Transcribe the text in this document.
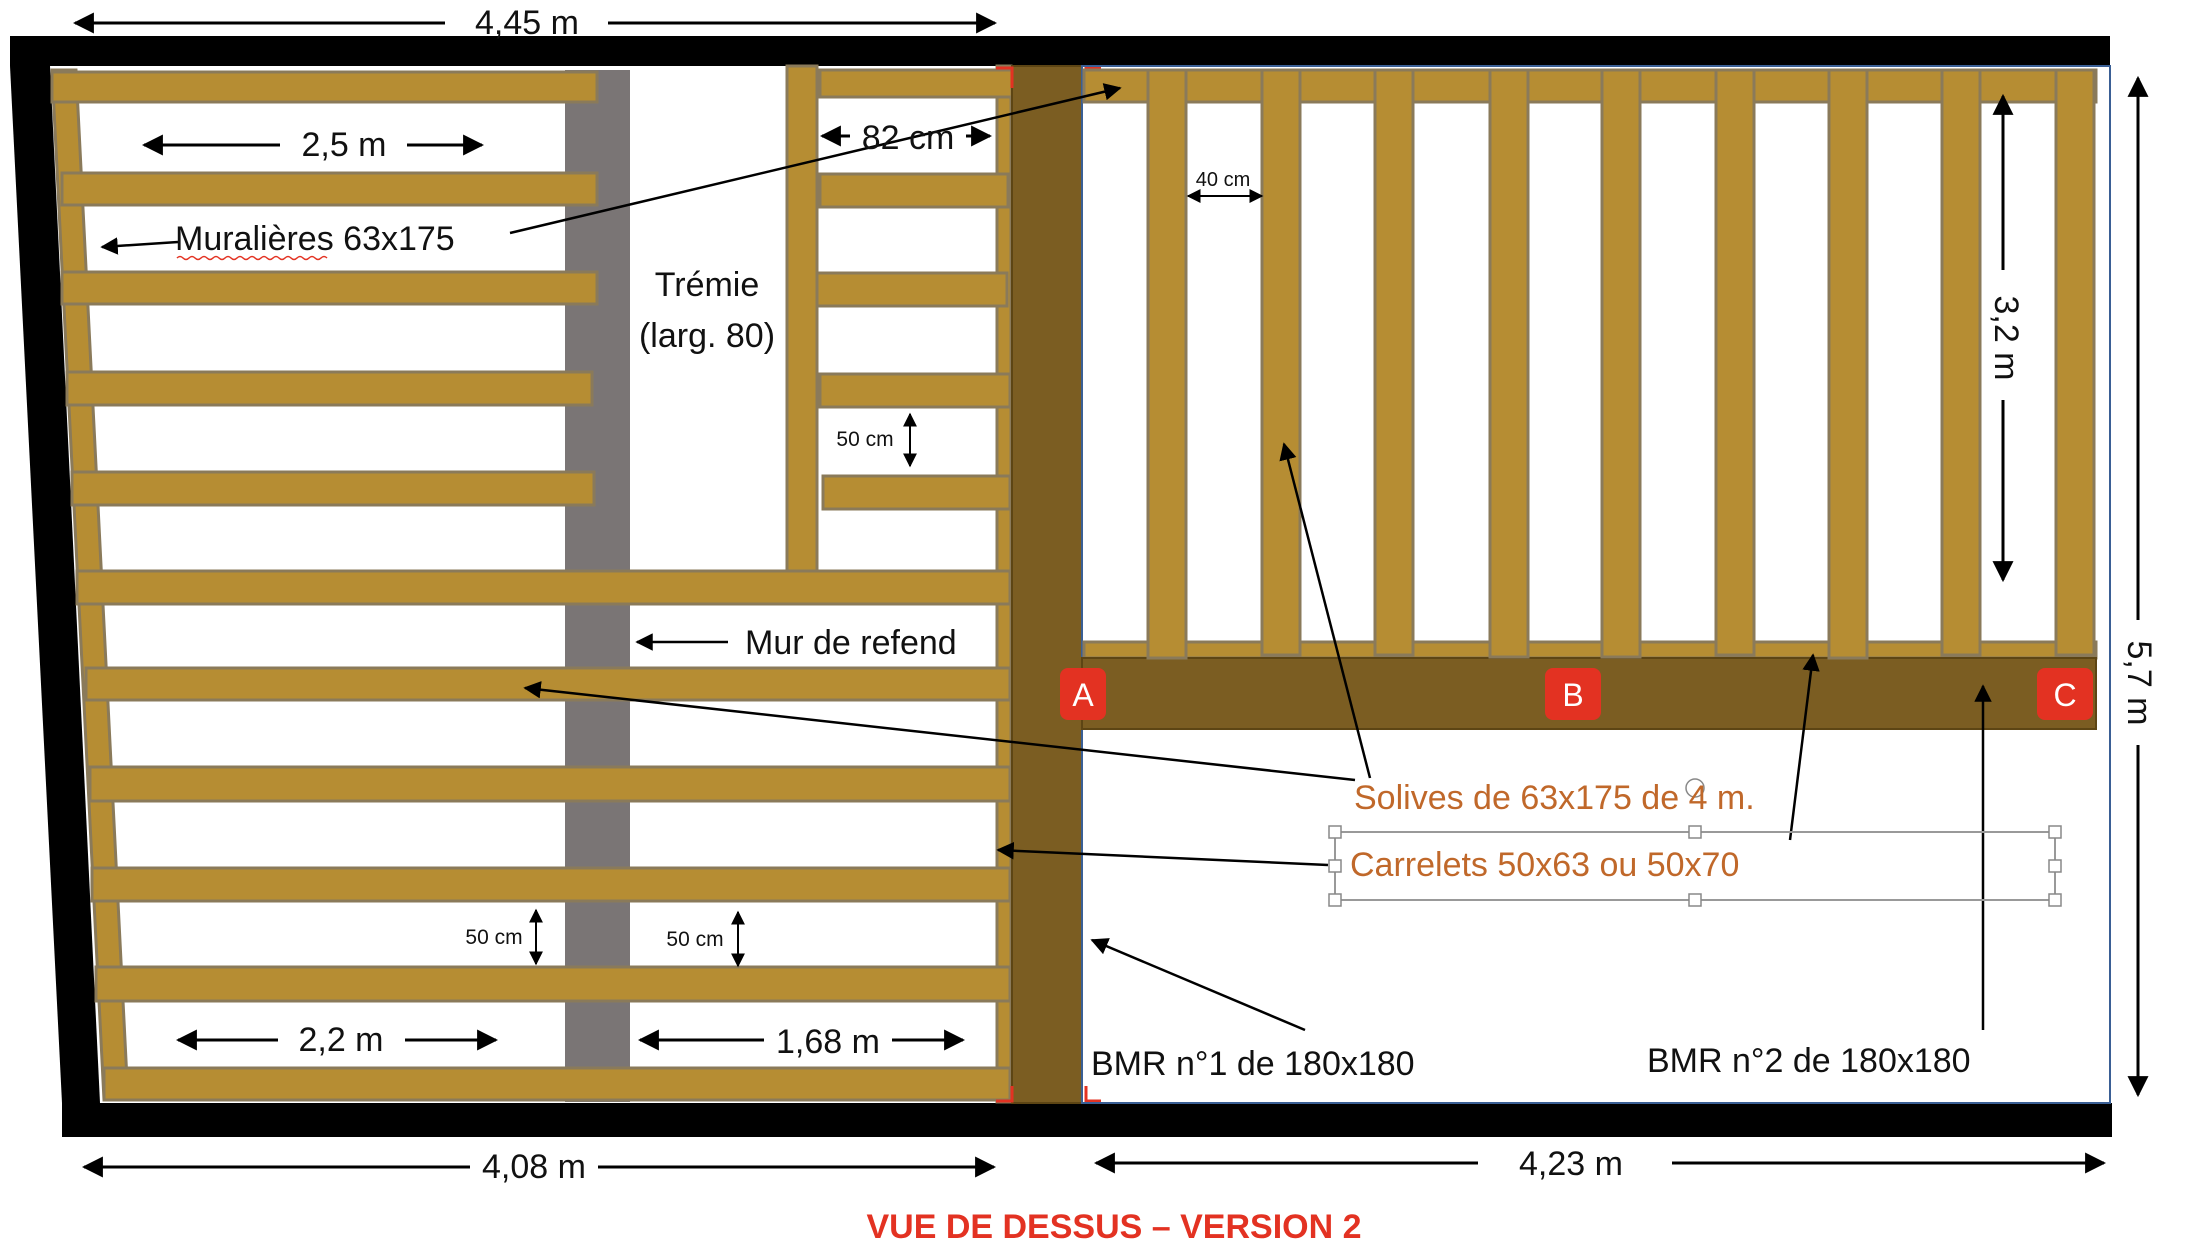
A	B	C
4,45 m
2,5 m	82 cm
40 cm
Muralières 63x175
Trémie
(larg. 80)	3,2 m
50 cm
Mur de refend	5,7 m
Solives de 63x175 de 4 m.
Carrelets 50x63 ou 50x70
50 cm	50 cm
2,2 m	1,68 m
BMR n°1 de 180x180	BMR n°2 de 180x180
4,08 m	4,23 m
VUE DE DESSUS – VERSION 2
